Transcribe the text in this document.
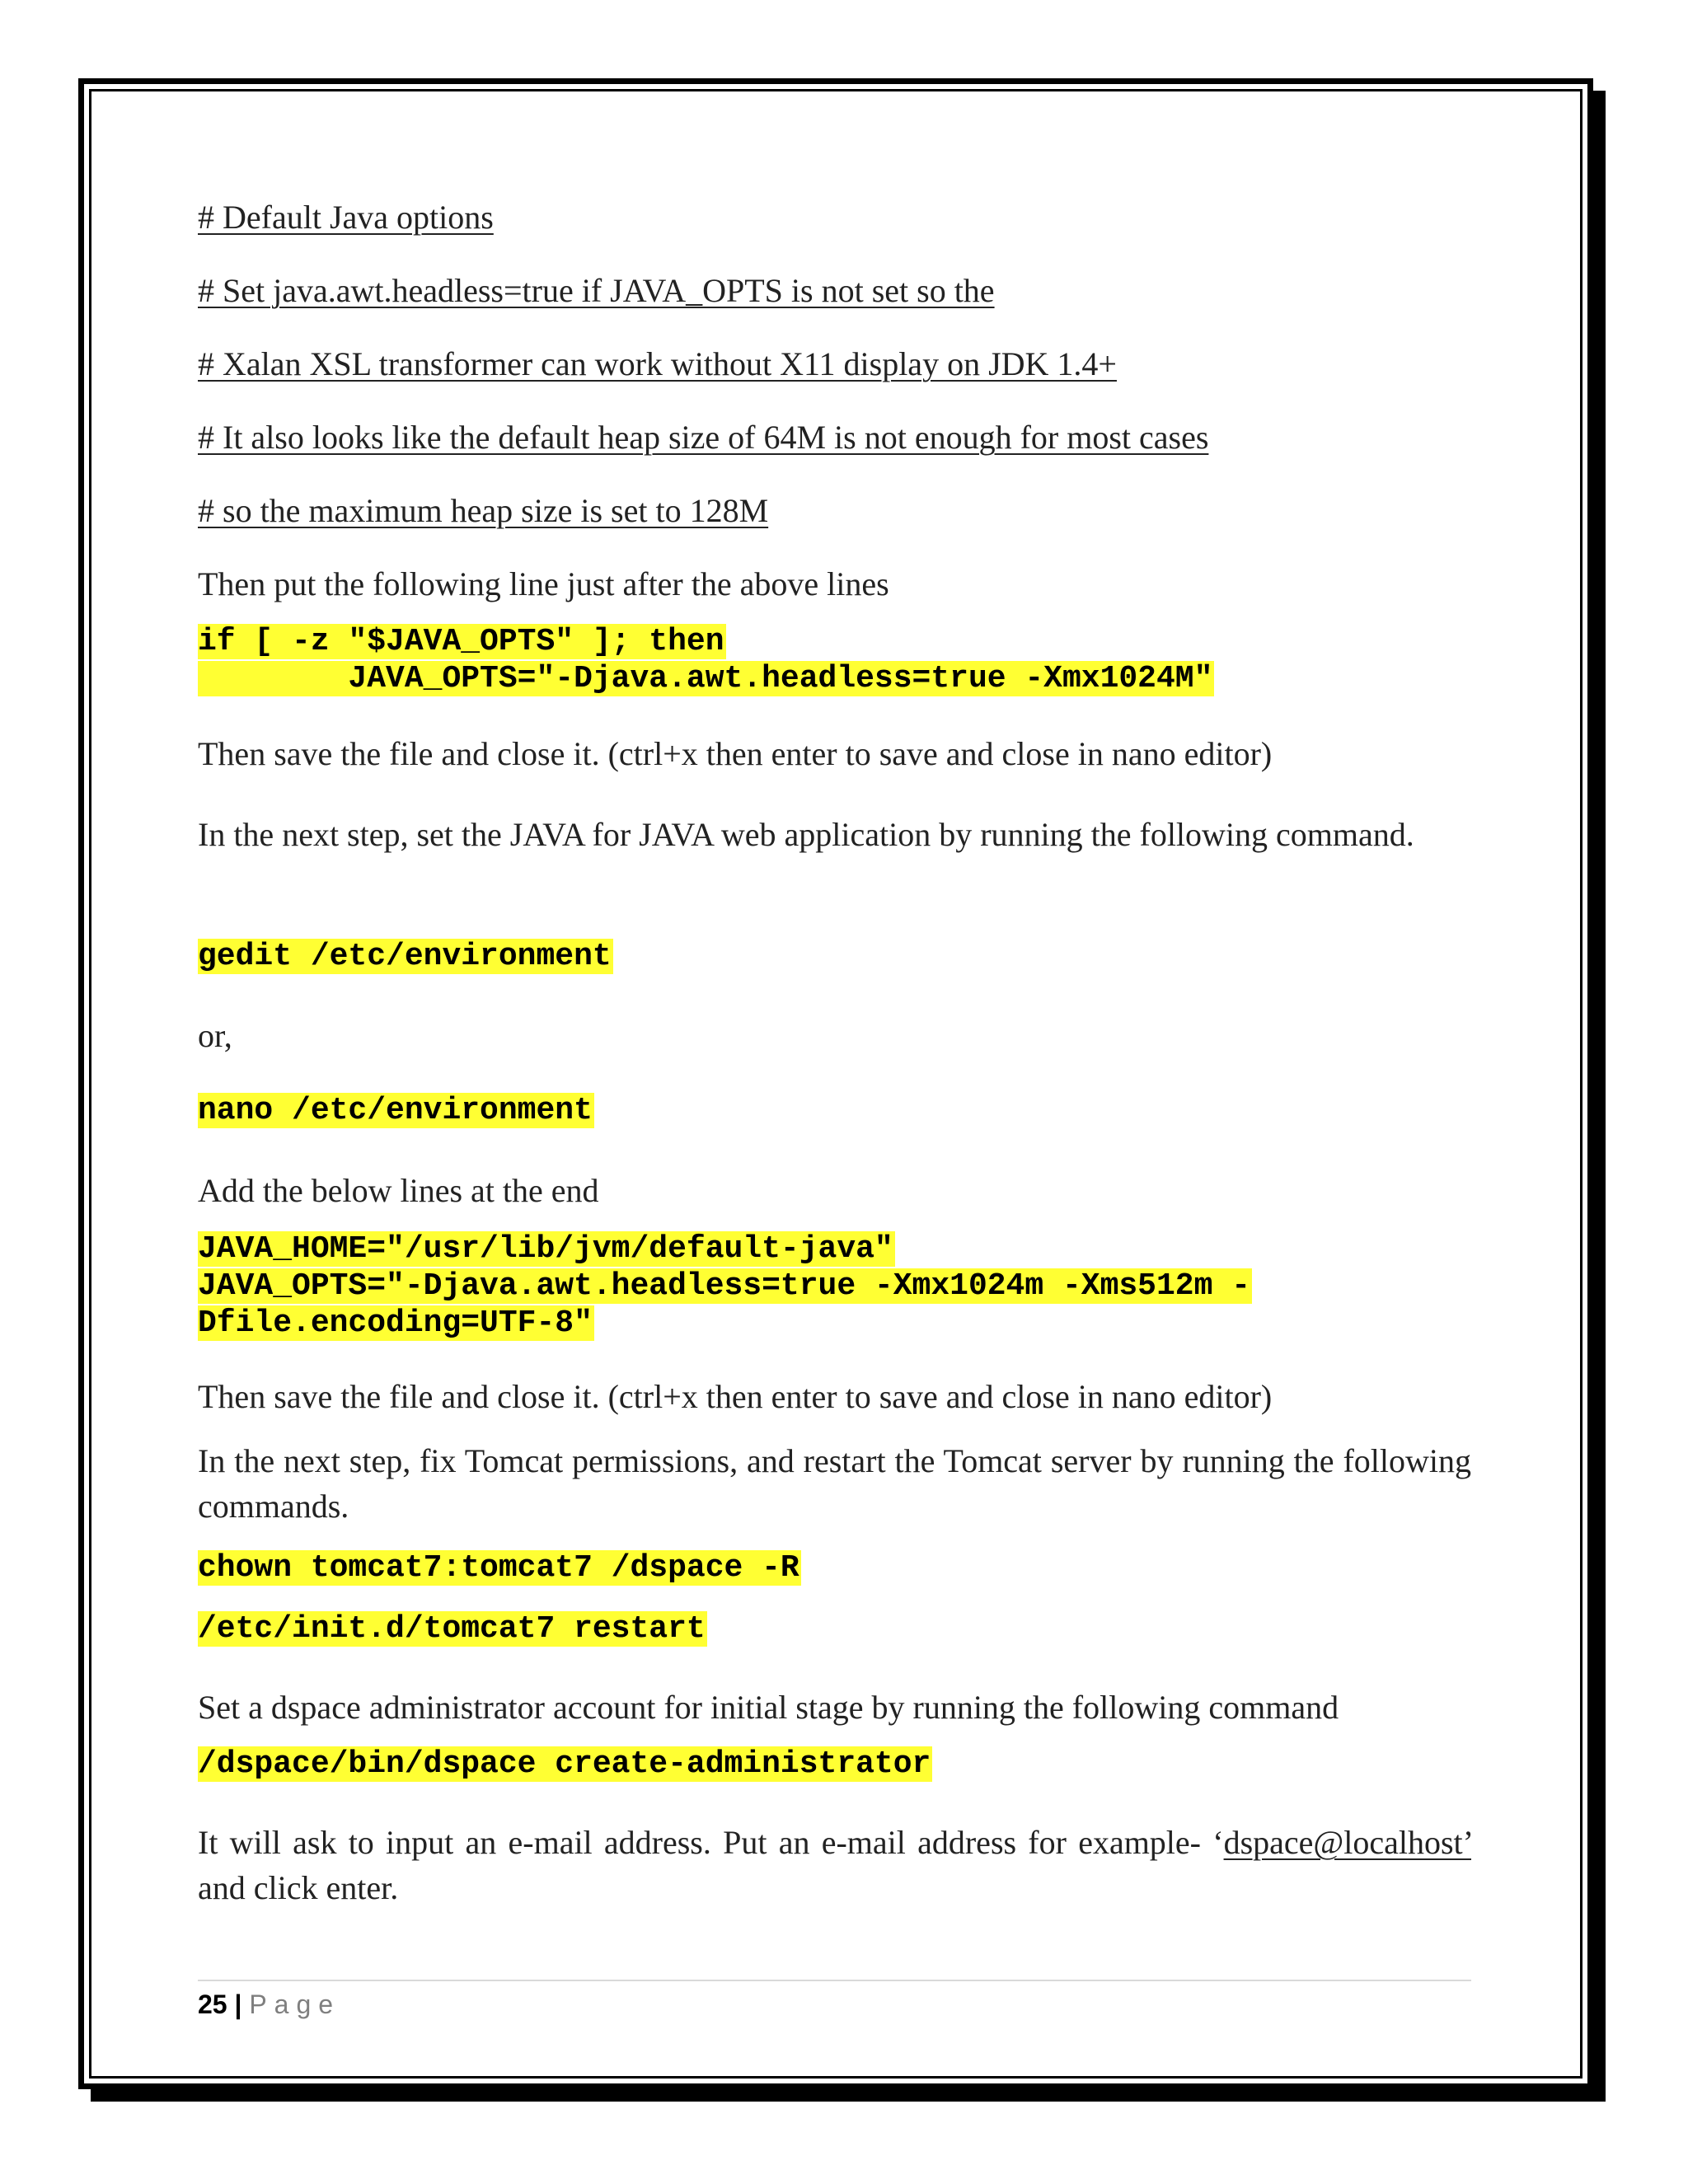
# Default Java options
# Set java.awt.headless=true if JAVA_OPTS is not set so the
# Xalan XSL transformer can work without X11 display on JDK 1.4+
# It also looks like the default heap size of 64M is not enough for most cases
# so the maximum heap size is set to 128M
Then put the following line just after the above lines
if [ -z "$JAVA_OPTS" ]; then
JAVA_OPTS="-Djava.awt.headless=true -Xmx1024M"
Then save the file and close it. (ctrl+x then enter to save and close in nano editor)
In the next step, set the JAVA for JAVA web application by running the following command.
gedit /etc/environment
or,
nano /etc/environment
Add the below lines at the end
JAVA_HOME="/usr/lib/jvm/default-java"
JAVA_OPTS="-Djava.awt.headless=true -Xmx1024m -Xms512m -
Dfile.encoding=UTF-8"
Then save the file and close it. (ctrl+x then enter to save and close in nano editor)
In the next step, fix Tomcat permissions, and restart the Tomcat server by running the following commands.
chown tomcat7:tomcat7 /dspace -R
/etc/init.d/tomcat7 restart
Set a dspace administrator account for initial stage by running the following command
/dspace/bin/dspace create-administrator
It will ask to input an e-mail address. Put an e-mail address for example- ‘dspace@localhost’ and click enter.
25 | Page
